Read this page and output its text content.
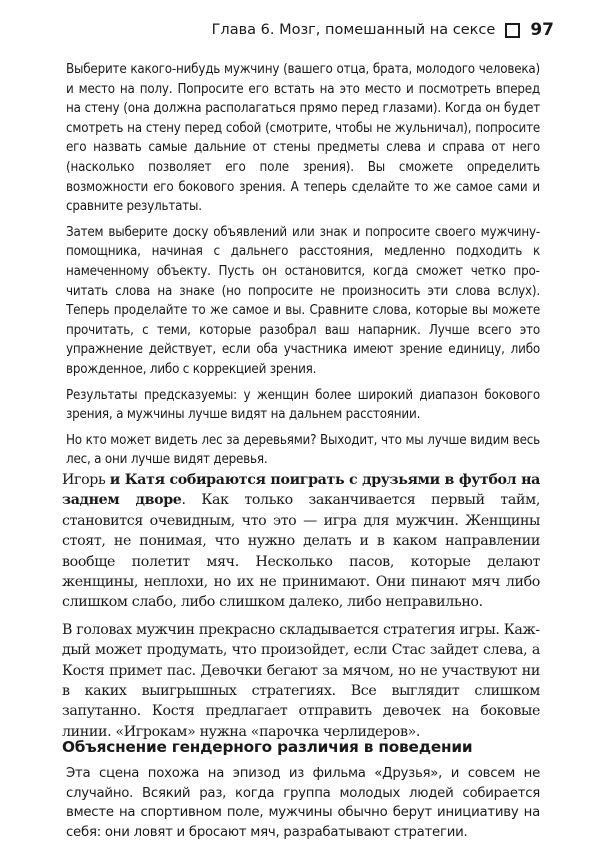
Глава 6. Мозг, помешанный на сексе 97

Выберите какого-нибудь мужчину (вашего отца, брата, молодого человека) и место на полу. Попросите его встать на это место и посмотреть вперед на стену (она должна располагаться прямо перед глазами). Когда он будет смотреть на стену перед собой (смотрите, чтобы не жульничал), попросите его назвать самые дальние от стены предметы слева и справа от него (насколько позволяет его поле зрения). Вы сможете определить возможности его бокового зрения. А теперь сделайте то же самое сами и сравните результаты.

Затем выберите доску объявлений или знак и попросите своего мужчину-помощника, начиная с дальнего расстояния, медленно подходить к намеченному объекту. Пусть он остановится, когда сможет четко прочитать слова на знаке (но попросите не произносить эти слова вслух). Теперь проделайте то же самое и вы. Сравните слова, которые вы можете прочитать, с теми, которые разобрал ваш напарник. Лучше всего это упражнение действует, если оба участника имеют зрение единицу, либо врожденное, либо с коррекцией зрения.

Результаты предсказуемы: у женщин более широкий диапазон бокового зрения, а мужчины лучше видят на дальнем расстоянии.

Но кто может видеть лес за деревьями? Выходит, что мы лучше видим весь лес, а они лучше видят деревья.

Игорь и Катя собираются поиграть с друзьями в футбол на заднем дворе. Как только заканчивается первый тайм, становится очевидным, что это — игра для мужчин. Женщины стоят, не понимая, что нужно делать и в каком направлении вообще полетит мяч. Несколько пасов, которые делают женщины, неплохи, но их не принимают. Они пинают мяч либо слишком слабо, либо слишком далеко, либо неправильно.

В головах мужчин прекрасно складывается стратегия игры. Каждый может продумать, что произойдет, если Стас зайдет слева, а Костя примет пас. Девочки бегают за мячом, но не участвуют ни в каких выигрышных стратегиях. Все выглядит слишком запутанно. Костя предлагает отправить девочек на боковые линии. «Игрокам» нужна «парочка черлидеров».

Объяснение гендерного различия в поведении

Эта сцена похожа на эпизод из фильма «Друзья», и совсем не случайно. Всякий раз, когда группа молодых людей собирается вместе на спортивном поле, мужчины обычно берут инициативу на себя: они ловят и бросают мяч, разрабатывают стратегии.
